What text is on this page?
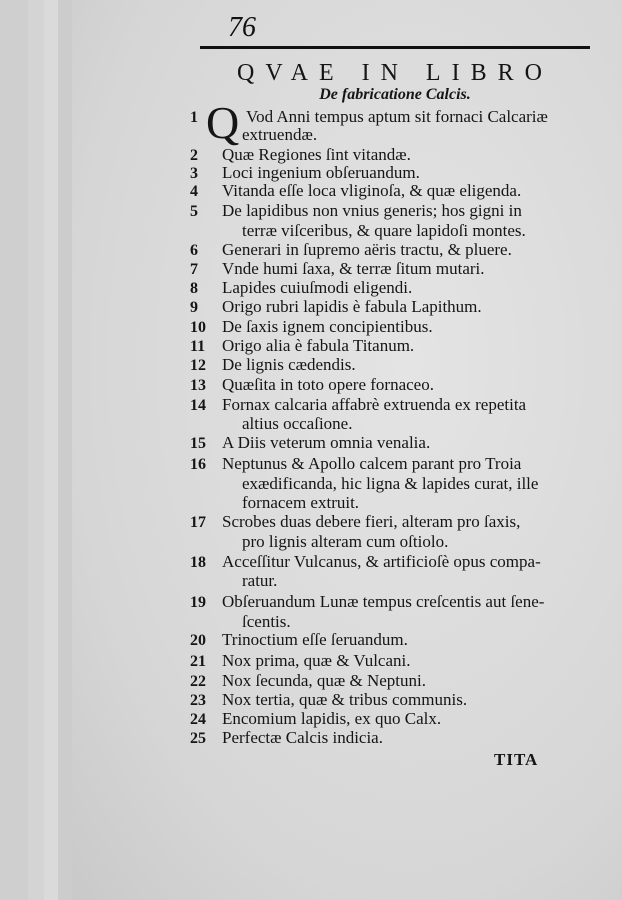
76
QVAE IN LIBRO
De fabricatione Calcis.
Q
1	Vod Anni tempus aptum sit fornaci Calcariæ
extruendæ.
2	Quæ Regiones ſint vitandæ.
3	Loci ingenium obſeruandum.
4	Vitanda eſſe loca vliginoſa, & quæ eligenda.
5	De lapidibus non vnius generis; hos gigni in
terræ viſceribus, & quare lapidoſi montes.
6	Generari in ſupremo aëris tractu, & pluere.
7	Vnde humi ſaxa, & terræ ſitum mutari.
8	Lapides cuiuſmodi eligendi.
9	Origo rubri lapidis è fabula Lapithum.
10 De ſaxis ignem concipientibus.
11 Origo alia è fabula Titanum.
12 De lignis cædendis.
13 Quæſita in toto opere fornaceo.
14 Fornax calcaria affabrè extruenda ex repetita
altius occaſione.
15 A Diis veterum omnia venalia.
16 Neptunus & Apollo calcem parant pro Troia
exædificanda, hic ligna & lapides curat, ille
fornacem extruit.
17 Scrobes duas debere fieri, alteram pro ſaxis,
pro lignis alteram cum oſtiolo.
18 Acceſſitur Vulcanus, & artificioſè opus compa-
ratur.
19 Obſeruandum Lunæ tempus creſcentis aut ſene-
ſcentis.
20 Trinoctium eſſe ſeruandum.
21 Nox prima, quæ & Vulcani.
22 Nox ſecunda, quæ & Neptuni.
23 Nox tertia, quæ & tribus communis.
24 Encomium lapidis, ex quo Calx.
25 Perfectæ Calcis indicia.
TITA
